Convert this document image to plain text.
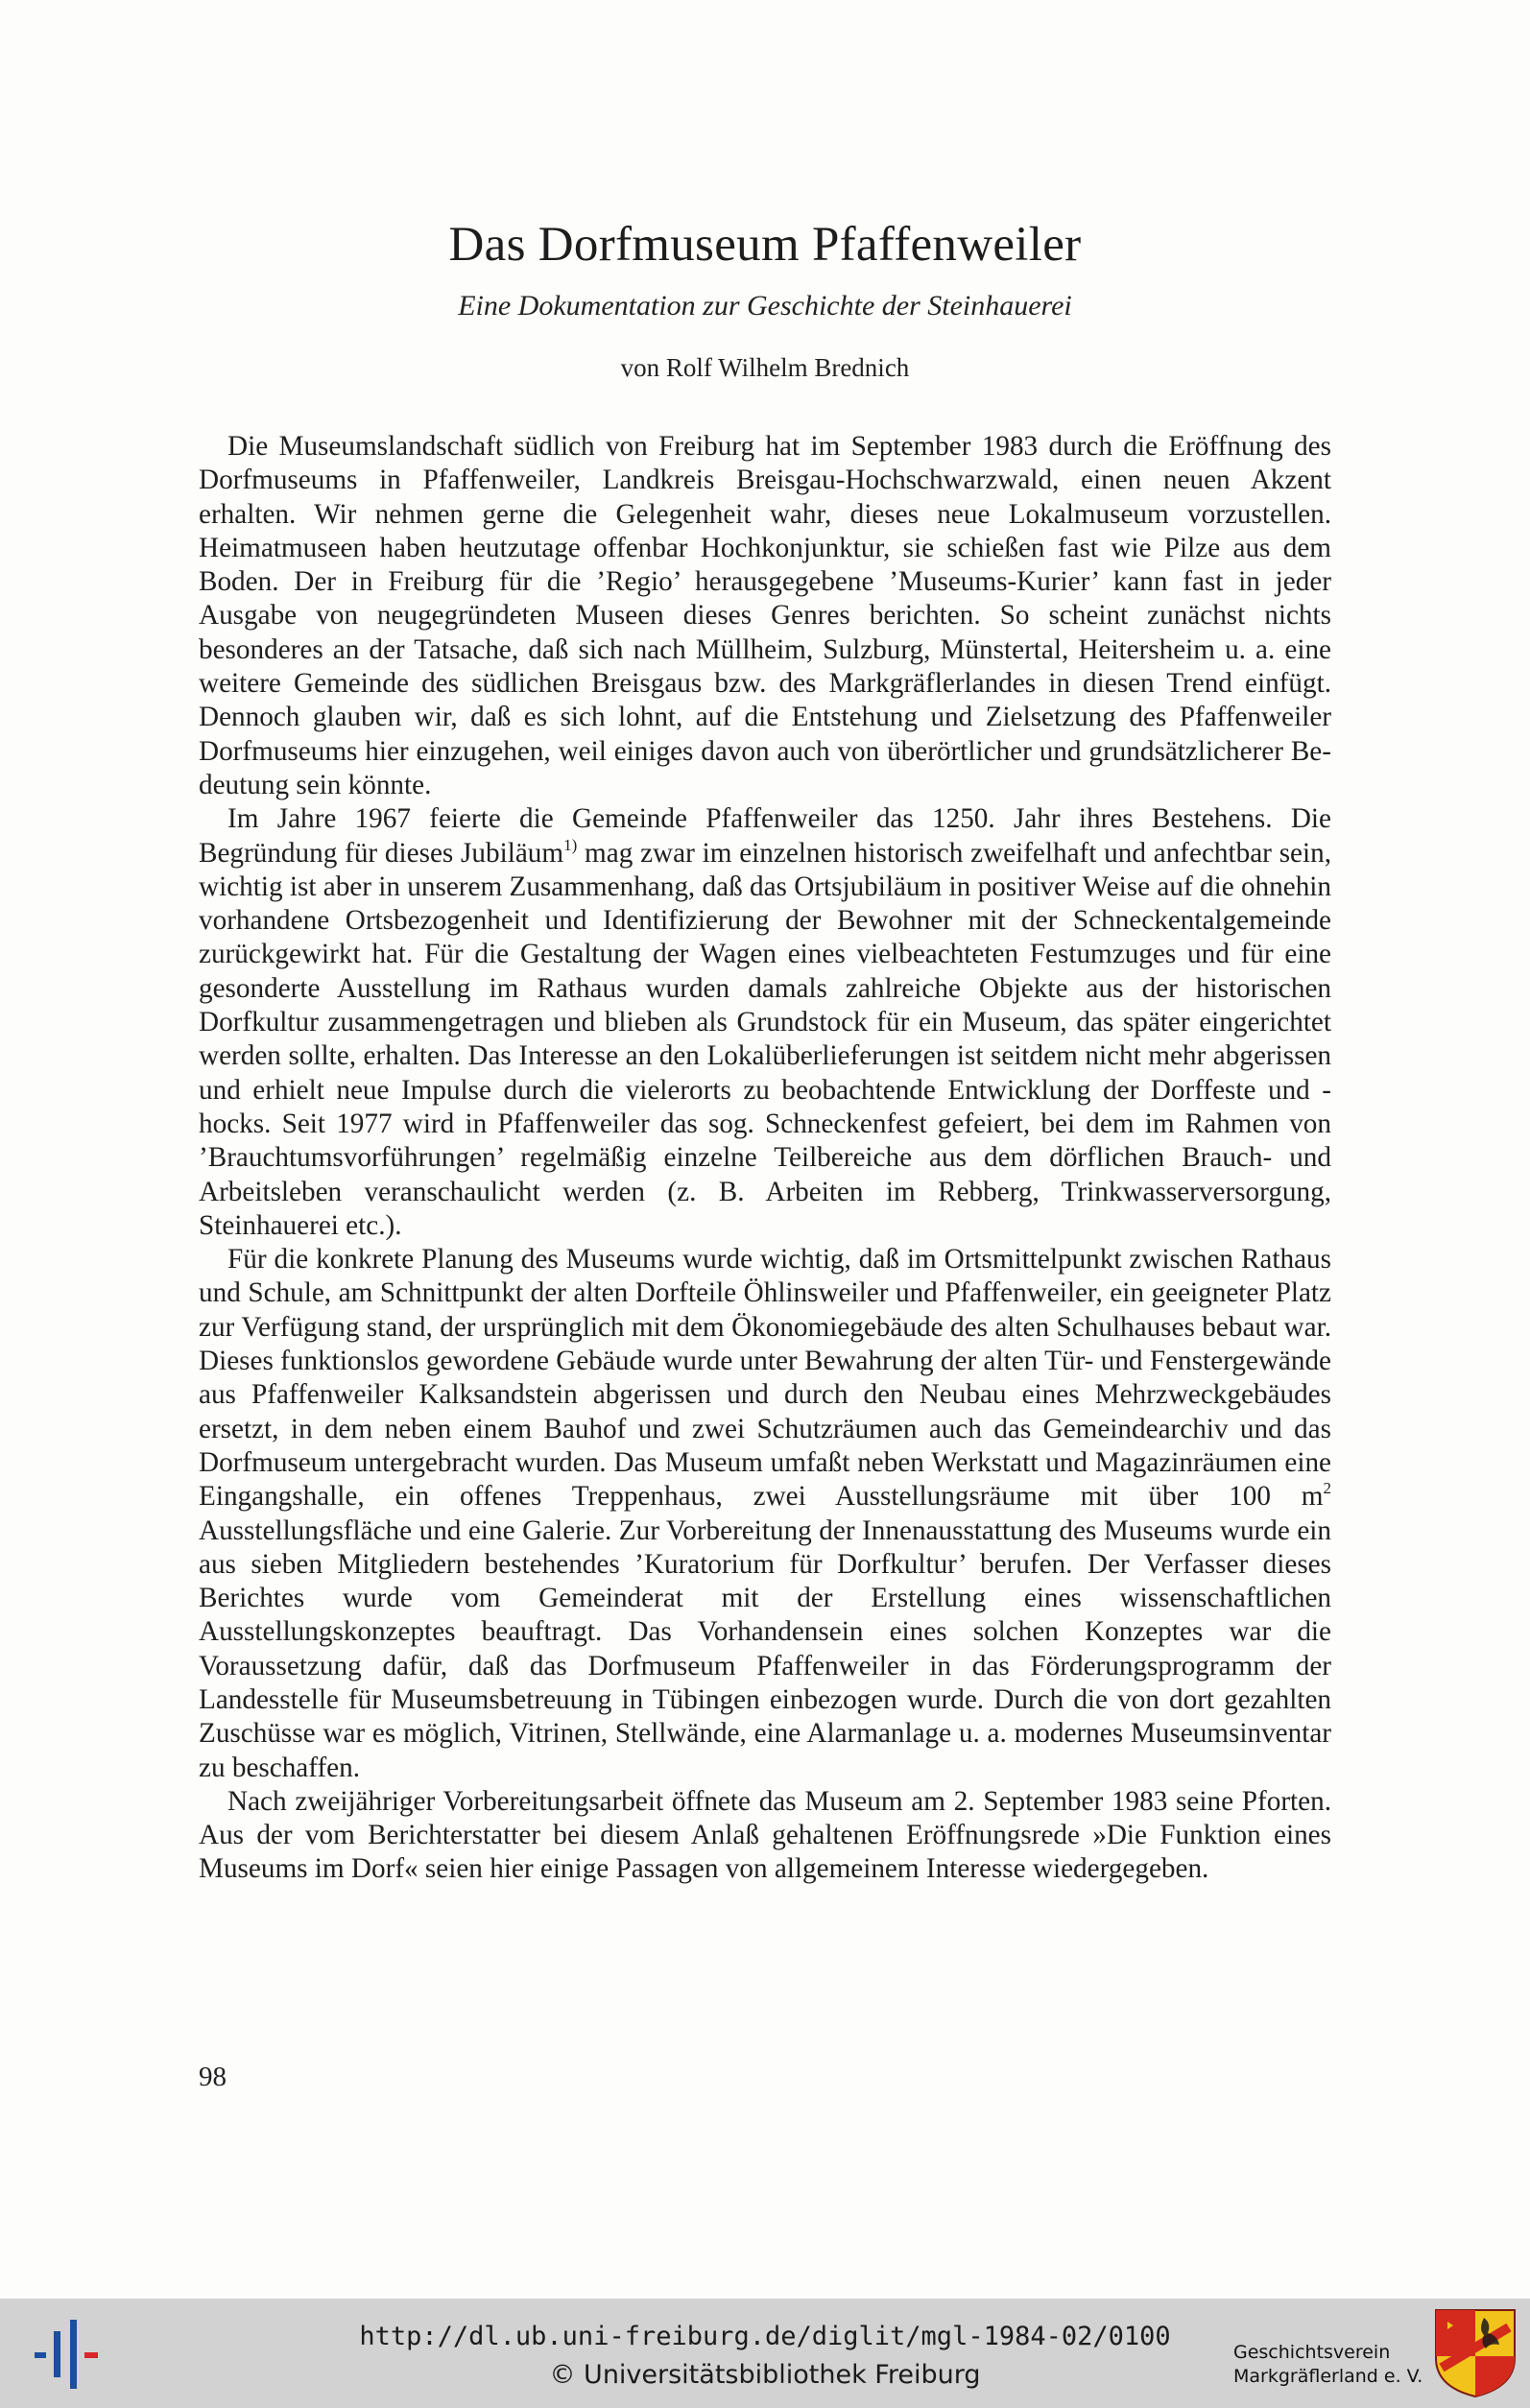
Das Dorfmuseum Pfaffenweiler
Eine Dokumentation zur Geschichte der Steinhauerei
von Rolf Wilhelm Brednich

Die Museumslandschaft südlich von Freiburg hat im September 1983 durch die Eröffnung des Dorfmuseums in Pfaffenweiler, Landkreis Breisgau-Hochschwarzwald, einen neuen Akzent erhalten. Wir nehmen gerne die Gelegenheit wahr, dieses neue Lokalmuseum vorzustellen. Heimatmuseen haben heutzutage offenbar Hochkonjunktur, sie schießen fast wie Pilze aus dem Boden. Der in Freiburg für die ’Regio’ herausgegebene ’Museums-Kurier’ kann fast in jeder Ausgabe von neugegründeten Museen dieses Genres berichten. So scheint zunächst nichts besonderes an der Tatsache, daß sich nach Müllheim, Sulzburg, Münstertal, Heitersheim u. a. eine weitere Gemeinde des südlichen Breisgaus bzw. des Markgräflerlandes in diesen Trend einfügt. Dennoch glauben wir, daß es sich lohnt, auf die Entstehung und Zielsetzung des Pfaffenweiler Dorfmuseums hier einzugehen, weil einiges davon auch von überörtlicher und grundsätzlicherer Bedeutung sein könnte.

Im Jahre 1967 feierte die Gemeinde Pfaffenweiler das 1250. Jahr ihres Bestehens. Die Begründung für dieses Jubiläum$^{1)}$ mag zwar im einzelnen historisch zweifelhaft und anfechtbar sein, wichtig ist aber in unserem Zusammenhang, daß das Ortsjubiläum in positiver Weise auf die ohnehin vorhandene Ortsbezogenheit und Identifizierung der Bewohner mit der Schneckentalgemeinde zurückgewirkt hat. Für die Gestaltung der Wagen eines vielbeachteten Festumzuges und für eine gesonderte Ausstellung im Rathaus wurden damals zahlreiche Objekte aus der historischen Dorfkultur zusammengetragen und blieben als Grundstock für ein Museum, das später eingerichtet werden sollte, erhalten. Das Interesse an den Lokalüberlieferungen ist seitdem nicht mehr abgerissen und erhielt neue Impulse durch die vielerorts zu beobachtende Entwicklung der Dorffeste und -hocks. Seit 1977 wird in Pfaffenweiler das sog. Schneckenfest gefeiert, bei dem im Rahmen von ’Brauchtumsvorführungen’ regelmäßig einzelne Teilbereiche aus dem dörflichen Brauch- und Arbeitsleben veranschaulicht werden (z. B. Arbeiten im Rebberg, Trinkwasserversorgung, Steinhauerei etc.).

Für die konkrete Planung des Museums wurde wichtig, daß im Ortsmittelpunkt zwischen Rathaus und Schule, am Schnittpunkt der alten Dorfteile Öhlinsweiler und Pfaffenweiler, ein geeigneter Platz zur Verfügung stand, der ursprünglich mit dem Ökonomiegebäude des alten Schulhauses bebaut war. Dieses funktionslos gewordene Gebäude wurde unter Bewahrung der alten Tür- und Fenstergewände aus Pfaffenweiler Kalksandstein abgerissen und durch den Neubau eines Mehrzweckgebäudes ersetzt, in dem neben einem Bauhof und zwei Schutzräumen auch das Gemeindearchiv und das Dorfmuseum untergebracht wurden. Das Museum umfaßt neben Werkstatt und Magazinräumen eine Eingangshalle, ein offenes Treppenhaus, zwei Ausstellungsräume mit über 100 $m^2$ Ausstellungsfläche und eine Galerie. Zur Vorbereitung der Innenausstattung des Museums wurde ein aus sieben Mitgliedern bestehendes ’Kuratorium für Dorfkultur’ berufen. Der Verfasser dieses Berichtes wurde vom Gemeinderat mit der Erstellung eines wissenschaftlichen Ausstellungskonzeptes beauftragt. Das Vorhandensein eines solchen Konzeptes war die Voraussetzung dafür, daß das Dorfmuseum Pfaffenweiler in das Förderungsprogramm der Landesstelle für Museumsbetreuung in Tübingen einbezogen wurde. Durch die von dort gezahlten Zuschüsse war es möglich, Vitrinen, Stellwände, eine Alarmanlage u. a. modernes Museumsinventar zu beschaffen.

Nach zweijähriger Vorbereitungsarbeit öffnete das Museum am 2. September 1983 seine Pforten. Aus der vom Berichterstatter bei diesem Anlaß gehaltenen Eröffnungsrede »Die Funktion eines Museums im Dorf« seien hier einige Passagen von allgemeinem Interesse wiedergegeben.

98
http://dl.ub.uni-freiburg.de/diglit/mgl-1984-02/0100
© Universitätsbibliothek Freiburg
Geschichtsverein
Markgräflerland e. V.
